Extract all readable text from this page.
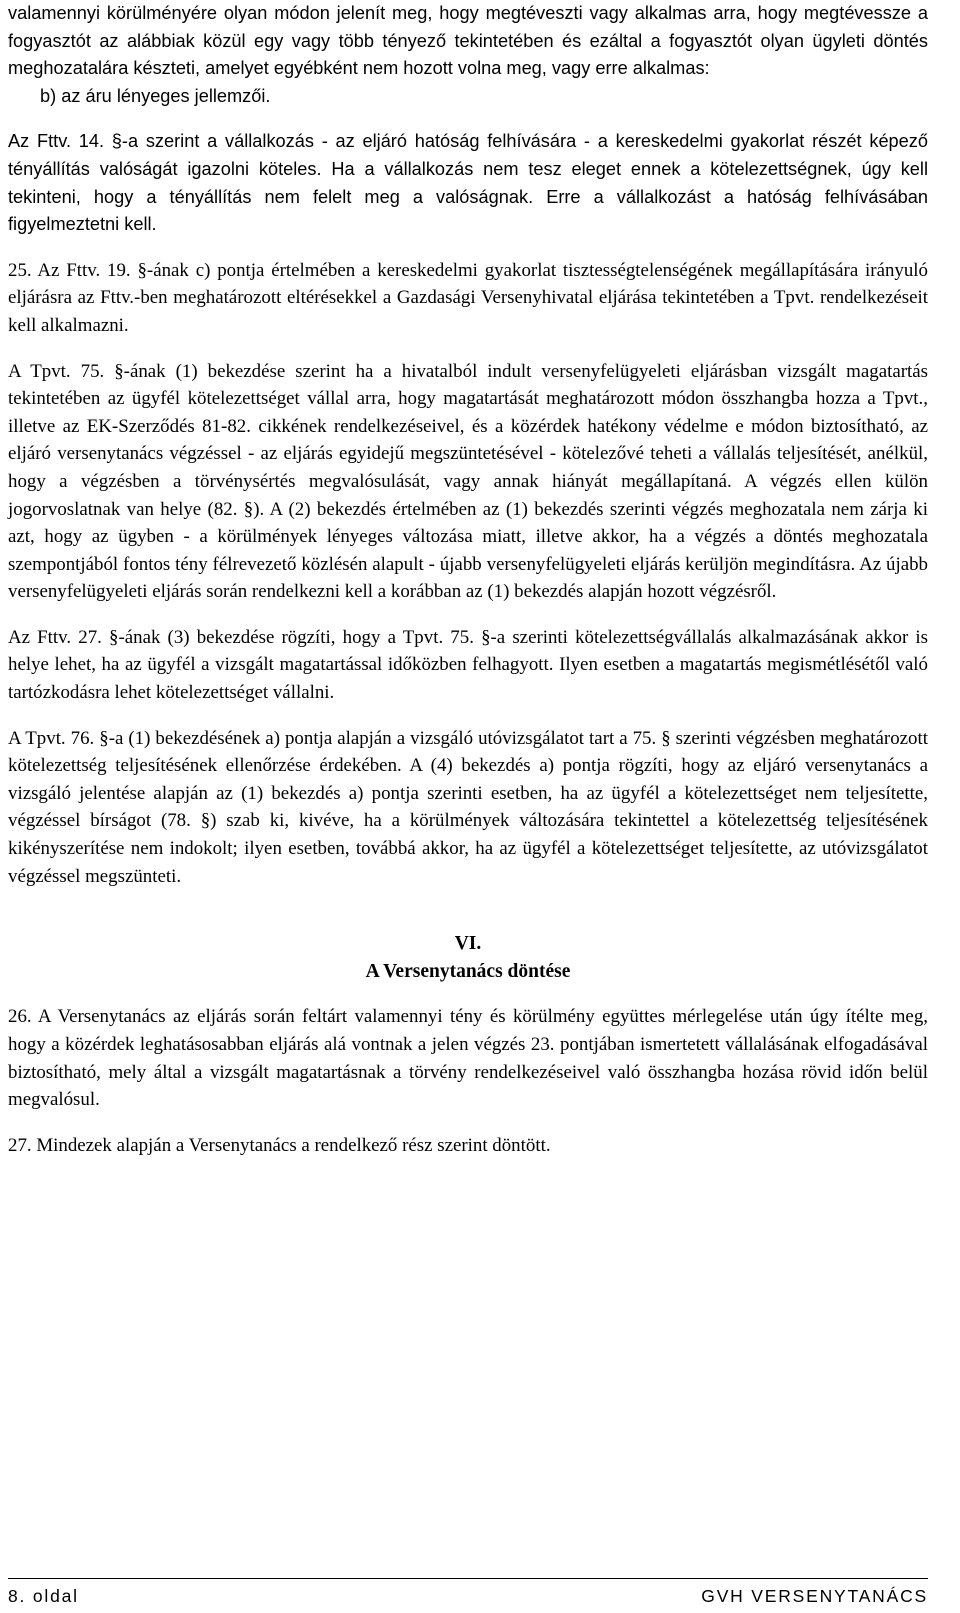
valamennyi körülményére olyan módon jelenít meg, hogy megtéveszti vagy alkalmas arra, hogy megtévessze a fogyasztót az alábbiak közül egy vagy több tényező tekintetében és ezáltal a fogyasztót olyan ügyleti döntés meghozatalára készteti, amelyet egyébként nem hozott volna meg, vagy erre alkalmas:

b) az áru lényeges jellemzői.

Az Fttv. 14. §-a szerint a vállalkozás - az eljáró hatóság felhívására - a kereskedelmi gyakorlat részét képező tényállítás valóságát igazolni köteles. Ha a vállalkozás nem tesz eleget ennek a kötelezettségnek, úgy kell tekinteni, hogy a tényállítás nem felelt meg a valóságnak. Erre a vállalkozást a hatóság felhívásában figyelmeztetni kell.

25. Az Fttv. 19. §-ának c) pontja értelmében a kereskedelmi gyakorlat tisztességtelenségének megállapítására irányuló eljárásra az Fttv.-ben meghatározott eltérésekkel a Gazdasági Versenyhivatal eljárása tekintetében a Tpvt. rendelkezéseit kell alkalmazni.

A Tpvt. 75. §-ának (1) bekezdése szerint ha a hivatalból indult versenyfelügyeleti eljárásban vizsgált magatartás tekintetében az ügyfél kötelezettséget vállal arra, hogy magatartását meghatározott módon összhangba hozza a Tpvt., illetve az EK-Szerződés 81-82. cikkének rendelkezéseivel, és a közérdek hatékony védelme e módon biztosítható, az eljáró versenytanács végzéssel - az eljárás egyidejű megszüntetésével - kötelezővé teheti a vállalás teljesítését, anélkül, hogy a végzésben a törvénysértés megvalósulását, vagy annak hiányát megállapítaná. A végzés ellen külön jogorvoslatnak van helye (82. §). A (2) bekezdés értelmében az (1) bekezdés szerinti végzés meghozatala nem zárja ki azt, hogy az ügyben - a körülmények lényeges változása miatt, illetve akkor, ha a végzés a döntés meghozatala szempontjából fontos tény félrevezető közlésén alapult - újabb versenyfelügyeleti eljárás kerüljön megindításra. Az újabb versenyfelügyeleti eljárás során rendelkezni kell a korábban az (1) bekezdés alapján hozott végzésről.

Az Fttv. 27. §-ának (3) bekezdése rögzíti, hogy a Tpvt. 75. §-a szerinti kötelezettségvállalás alkalmazásának akkor is helye lehet, ha az ügyfél a vizsgált magatartással időközben felhagyott. Ilyen esetben a magatartás megismétlésétől való tartózkodásra lehet kötelezettséget vállalni.

A Tpvt. 76. §-a (1) bekezdésének a) pontja alapján a vizsgáló utóvizsgálatot tart a 75. § szerinti végzésben meghatározott kötelezettség teljesítésének ellenőrzése érdekében. A (4) bekezdés a) pontja rögzíti, hogy az eljáró versenytanács a vizsgáló jelentése alapján az (1) bekezdés a) pontja szerinti esetben, ha az ügyfél a kötelezettséget nem teljesítette, végzéssel bírságot (78. §) szab ki, kivéve, ha a körülmények változására tekintettel a kötelezettség teljesítésének kikényszerítése nem indokolt; ilyen esetben, továbbá akkor, ha az ügyfél a kötelezettséget teljesítette, az utóvizsgálatot végzéssel megszünteti.

VI.

A Versenytanács döntése

26. A Versenytanács az eljárás során feltárt valamennyi tény és körülmény együttes mérlegelése után úgy ítélte meg, hogy a közérdek leghatásosabban eljárás alá vontnak a jelen végzés 23. pontjában ismertetett vállalásának elfogadásával biztosítható, mely által a vizsgált magatartásnak a törvény rendelkezéseivel való összhangba hozása rövid időn belül megvalósul.

27. Mindezek alapján a Versenytanács a rendelkező rész szerint döntött.

8. oldal	GVH VERSENYTANÁCS
